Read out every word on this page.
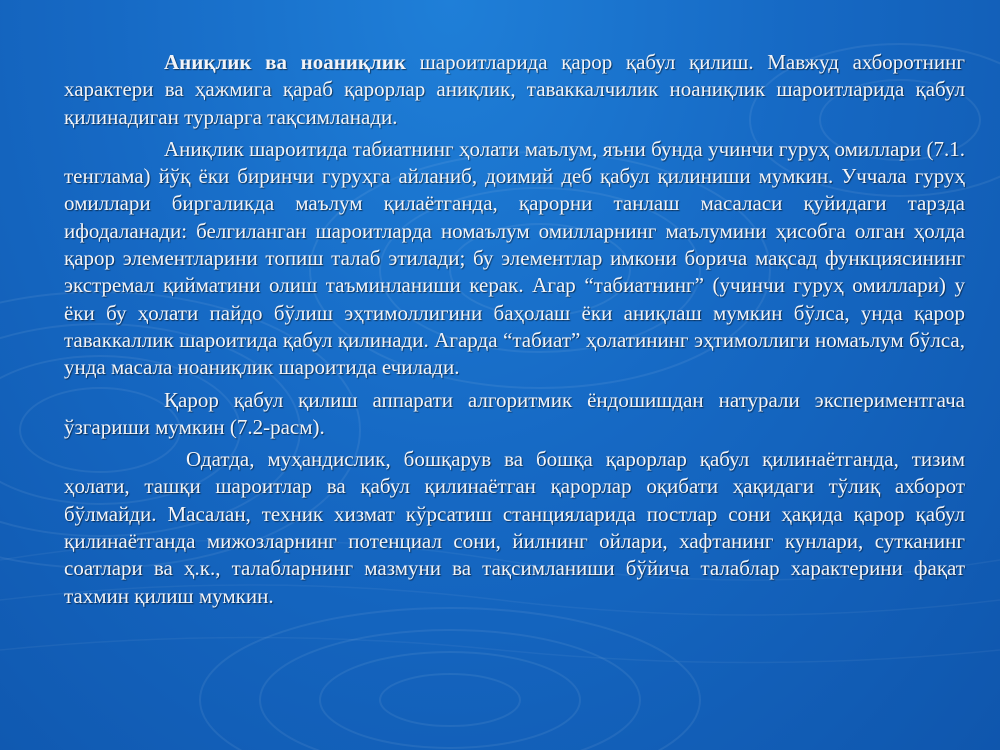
Аниқлик ва ноаниқлик шароитларида қарор қабул қилиш. Мавжуд ахборотнинг характери ва ҳажмига қараб қарорлар аниқлик, таваккалчилик ноаниқлик шароитларида қабул қилинадиган турларга тақсимланади.

Аниқлик шароитида табиатнинг ҳолати маълум, яъни бунда учинчи гуруҳ омиллари (7.1. тенглама) йўқ ёки биринчи гуруҳга айланиб, доимий деб қабул қилиниши мумкин. Уччала гуруҳ омиллари биргаликда маълум қилаётганда, қарорни танлаш масаласи қуйидаги тарзда ифодаланади: белгиланган шароитларда номаълум омилларнинг маълумини ҳисобга олган ҳолда қарор элементларини топиш талаб этилади; бу элементлар имкони борича мақсад функциясининг экстремал қийматини олиш таъминланиши керак. Агар “табиатнинг” (учинчи гуруҳ омиллари) у ёки бу ҳолати пайдо бўлиш эҳтимоллигини баҳолаш ёки аниқлаш мумкин бўлса, унда қарор таваккаллик шароитида қабул қилинади. Агарда “табиат” ҳолатининг эҳтимоллиги номаълум бўлса, унда масала ноаниқлик шароитида ечилади.

Қарор қабул қилиш аппарати алгоритмик ёндошишдан натурали экспериментгача ўзгариши мумкин (7.2-расм).

Одатда, муҳандислик, бошқарув ва бошқа қарорлар қабул қилинаётганда, тизим ҳолати, ташқи шароитлар ва қабул қилинаётган қарорлар оқибати ҳақидаги тўлиқ ахборот бўлмайди. Масалан, техник хизмат кўрсатиш станцияларида постлар сони ҳақида қарор қабул қилинаётганда мижозларнинг потенциал сони, йилнинг ойлари, хафтанинг кунлари, сутканинг соатлари ва ҳ.к., талабларнинг мазмуни ва тақсимланиши бўйича талаблар характерини фақат тахмин қилиш мумкин.
